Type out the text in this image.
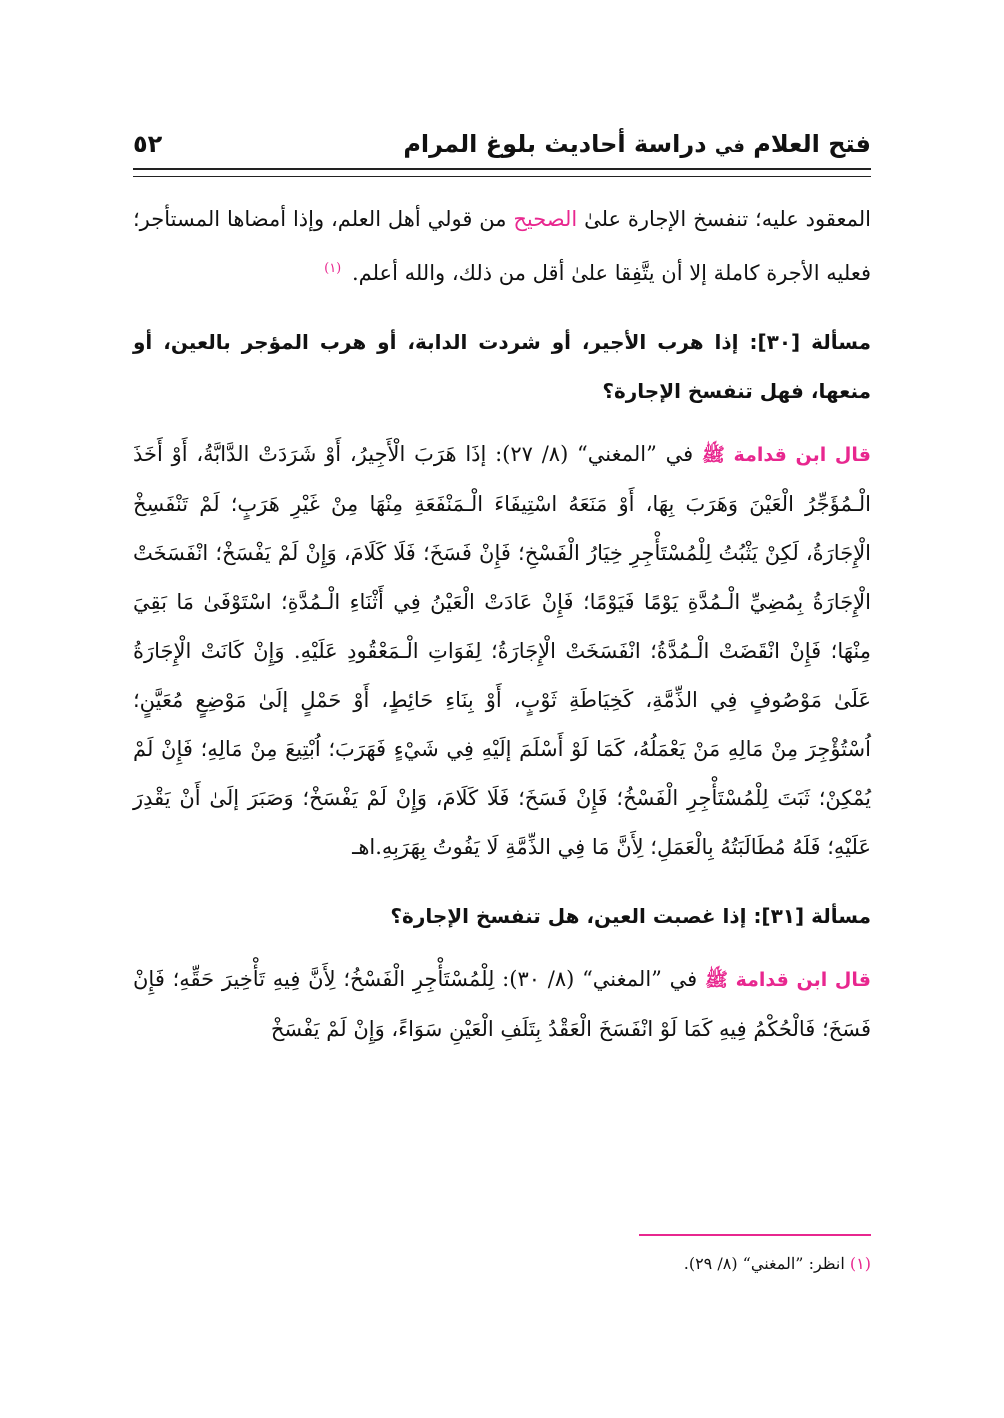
فتح العلام في دراسة أحاديث بلوغ المرام
٥٢

المعقود عليه؛ تنفسخ الإجارة علىٰ الصحيح من قولي أهل العلم، وإذا أمضاها المستأجر؛ فعليه الأجرة كاملة إلا أن يتَّفِقا علىٰ أقل من ذلك، والله أعلم. $^{(١)}$

مسألة [٣٠]: إذا هرب الأجير، أو شردت الدابة، أو هرب المؤجر بالعين، أو منعها، فهل تنفسخ الإجارة؟

قال ابن قدامة ﷺ في ”المغني“ (٨/ ٢٧): إذَا هَرَبَ الْأَجِيرُ، أَوْ شَرَدَتْ الدَّابَّةُ، أَوْ أَخَذَ الْـمُؤَجِّرُ الْعَيْنَ وَهَرَبَ بِهَا، أَوْ مَنَعَهُ اسْتِيفَاءَ الْـمَنْفَعَةِ مِنْهَا مِنْ غَيْرِ هَرَبٍ؛ لَمْ تَنْفَسِخْ الْإِجَارَةُ، لَكِنْ يَثْبُتُ لِلْمُسْتَأْجِرِ خِيَارُ الْفَسْخِ؛ فَإِنْ فَسَخَ؛ فَلَا كَلَامَ، وَإِنْ لَمْ يَفْسَخْ؛ انْفَسَخَتْ الْإِجَارَةُ بِمُضِيِّ الْـمُدَّةِ يَوْمًا فَيَوْمًا؛ فَإِنْ عَادَتْ الْعَيْنُ فِي أَثْنَاءِ الْـمُدَّةِ؛ اسْتَوْفَىٰ مَا بَقِيَ مِنْهَا؛ فَإِنْ انْقَضَتْ الْـمُدَّةُ؛ انْفَسَخَتْ الْإِجَارَةُ؛ لِفَوَاتِ الْـمَعْقُودِ عَلَيْهِ. وَإِنْ كَانَتْ الْإِجَارَةُ عَلَىٰ مَوْصُوفٍ فِي الذِّمَّةِ، كَخِيَاطَةِ ثَوْبٍ، أَوْ بِنَاءِ حَائِطٍ، أَوْ حَمْلٍ إلَىٰ مَوْضِعٍ مُعَيَّنٍ؛ اُسْتُؤْجِرَ مِنْ مَالِهِ مَنْ يَعْمَلُهُ، كَمَا لَوْ أَسْلَمَ إلَيْهِ فِي شَيْءٍ فَهَرَبَ؛ اُبْتِيعَ مِنْ مَالِهِ؛ فَإِنْ لَمْ يُمْكِنْ؛ ثَبَتَ لِلْمُسْتَأْجِرِ الْفَسْخُ؛ فَإِنْ فَسَخَ؛ فَلَا كَلَامَ، وَإِنْ لَمْ يَفْسَخْ؛ وَصَبَرَ إلَىٰ أَنْ يَقْدِرَ عَلَيْهِ؛ فَلَهُ مُطَالَبَتُهُ بِالْعَمَلِ؛ لِأَنَّ مَا فِي الذِّمَّةِ لَا يَفُوتُ بِهَرَبِهِ.اهـ

مسألة [٣١]: إذا غصبت العين، هل تنفسخ الإجارة؟

قال ابن قدامة ﷺ في ”المغني“ (٨/ ٣٠): لِلْمُسْتَأْجِرِ الْفَسْخُ؛ لِأَنَّ فِيهِ تَأْخِيرَ حَقِّهِ؛ فَإِنْ فَسَخَ؛ فَالْحُكْمُ فِيهِ كَمَا لَوْ انْفَسَخَ الْعَقْدُ بِتَلَفِ الْعَيْنِ سَوَاءً، وَإِنْ لَمْ يَفْسَخْ

(١) انظر: ”المغني“ (٨/ ٢٩).
